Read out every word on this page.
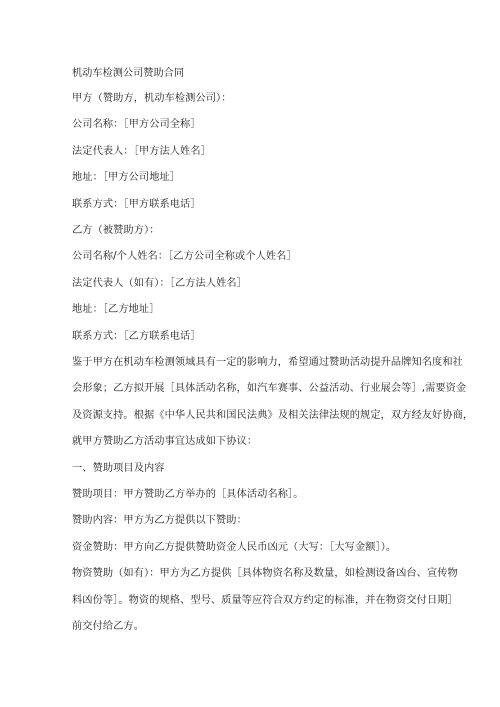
机动车检测公司赞助合同
甲方（赞助方，机动车检测公司）：
公司名称：［甲方公司全称］
法定代表人：［甲方法人姓名］
地址：［甲方公司地址］
联系方式：［甲方联系电话］
乙方（被赞助方）：
公司名称/个人姓名：［乙方公司全称或个人姓名］
法定代表人（如有）：［乙方法人姓名］
地址：［乙方地址］
联系方式：［乙方联系电话］
鉴于甲方在机动车检测领域具有一定的影响力，希望通过赞助活动提升品牌知名度和社
会形象；乙方拟开展［具体活动名称，如汽车赛事、公益活动、行业展会等］,需要资金
及资源支持。根据《中华人民共和国民法典》及相关法律法规的规定，双方经友好协商，
就甲方赞助乙方活动事宜达成如下协议：
一、赞助项目及内容
赞助项目：甲方赞助乙方举办的［具体活动名称］。
赞助内容：甲方为乙方提供以下赞助：
资金赞助：甲方向乙方提供赞助资金人民币凶元（大写：［大写金额］）。
物资赞助（如有）：甲方为乙方提供［具体物资名称及数量，如检测设备凶台、宣传物
料凶份等］。物资的规格、型号、质量等应符合双方约定的标准，并在物资交付日期］
前交付给乙方。
